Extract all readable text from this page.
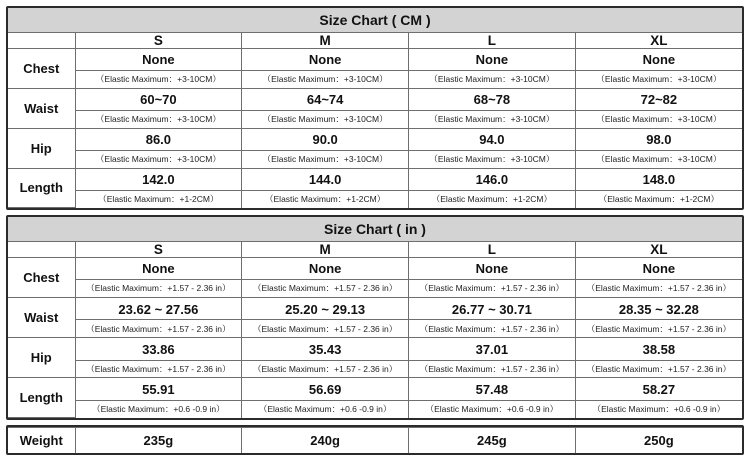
Size Chart ( CM )				
	S	M	L	XL
Chest	None	None	None	None
	（Elastic Maximum：+3-10CM）	（Elastic Maximum：+3-10CM）	（Elastic Maximum：+3-10CM）	（Elastic Maximum：+3-10CM）
Waist	60~70	64~74	68~78	72~82
	（Elastic Maximum：+3-10CM）	（Elastic Maximum：+3-10CM）	（Elastic Maximum：+3-10CM）	（Elastic Maximum：+3-10CM）
Hip	86.0	90.0	94.0	98.0
	（Elastic Maximum：+3-10CM）	（Elastic Maximum：+3-10CM）	（Elastic Maximum：+3-10CM）	（Elastic Maximum：+3-10CM）
Length	142.0	144.0	146.0	148.0
	（Elastic Maximum：+1-2CM）	（Elastic Maximum：+1-2CM）	（Elastic Maximum：+1-2CM）	（Elastic Maximum：+1-2CM）
Size Chart ( in )				
	S	M	L	XL
Chest	None	None	None	None
	（Elastic Maximum：+1.57 - 2.36 in）	（Elastic Maximum：+1.57 - 2.36 in）	（Elastic Maximum：+1.57 - 2.36 in）	（Elastic Maximum：+1.57 - 2.36 in）
Waist	23.62 ~ 27.56	25.20 ~ 29.13	26.77 ~ 30.71	28.35 ~ 32.28
	（Elastic Maximum：+1.57 - 2.36 in）	（Elastic Maximum：+1.57 - 2.36 in）	（Elastic Maximum：+1.57 - 2.36 in）	（Elastic Maximum：+1.57 - 2.36 in）
Hip	33.86	35.43	37.01	38.58
	（Elastic Maximum：+1.57 - 2.36 in）	（Elastic Maximum：+1.57 - 2.36 in）	（Elastic Maximum：+1.57 - 2.36 in）	（Elastic Maximum：+1.57 - 2.36 in）
Length	55.91	56.69	57.48	58.27
	（Elastic Maximum：+0.6 -0.9 in）	（Elastic Maximum：+0.6 -0.9 in）	（Elastic Maximum：+0.6 -0.9 in）	（Elastic Maximum：+0.6 -0.9 in）
Weight	235g	240g	245g	250g
